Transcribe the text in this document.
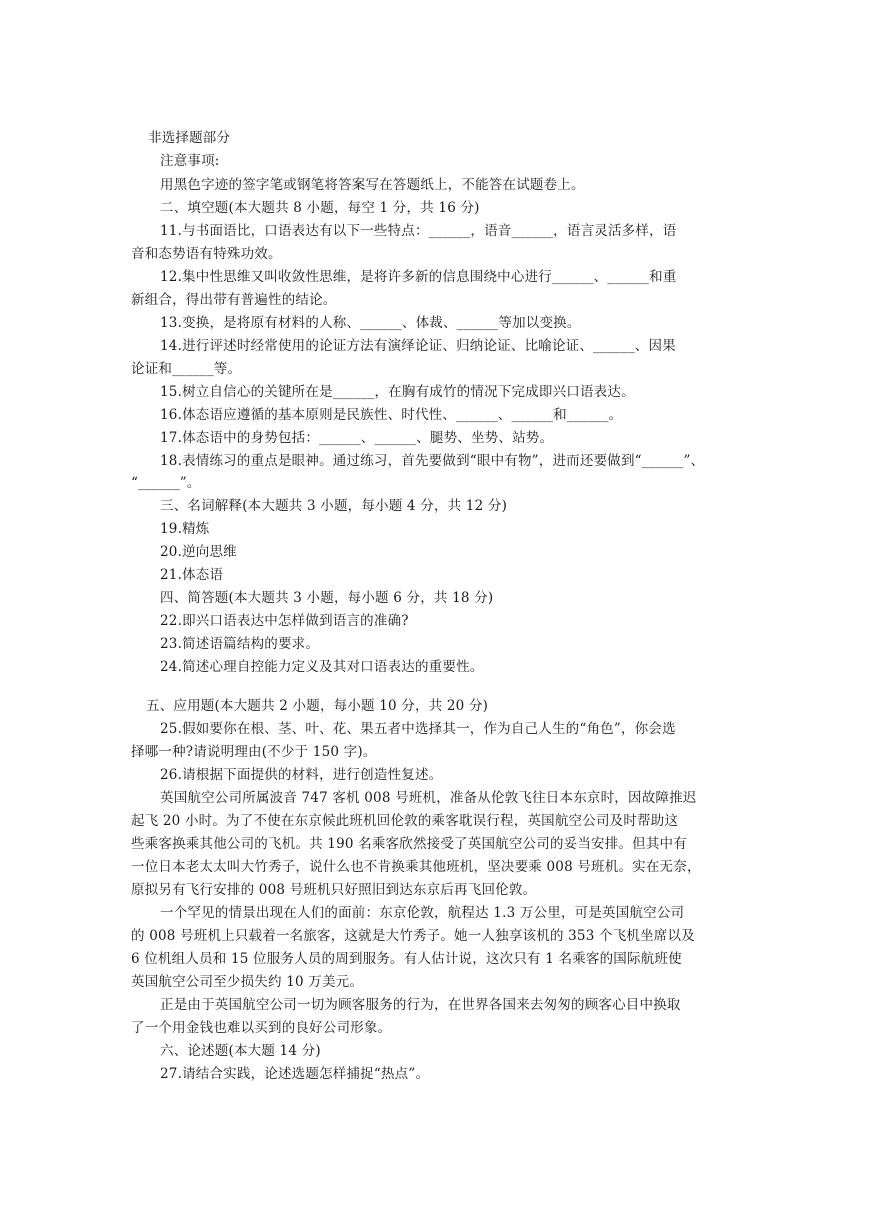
非选择题部分
注意事项:
用黑色字迹的签字笔或钢笔将答案写在答题纸上，不能答在试题卷上。
二、填空题(本大题共 8 小题，每空 1 分，共 16 分)
11.与书面语比，口语表达有以下一些特点：______，语音______，语言灵活多样，语
音和态势语有特殊功效。
12.集中性思维又叫收敛性思维，是将许多新的信息围绕中心进行______、______和重
新组合，得出带有普遍性的结论。
13.变换，是将原有材料的人称、______、体裁、______等加以变换。
14.进行评述时经常使用的论证方法有演绎论证、归纳论证、比喻论证、______、因果
论证和______等。
15.树立自信心的关键所在是______，在胸有成竹的情况下完成即兴口语表达。
16.体态语应遵循的基本原则是民族性、时代性、______、______和______。
17.体态语中的身势包括：______、______、腿势、坐势、站势。
18.表情练习的重点是眼神。通过练习，首先要做到“眼中有物”，进而还要做到“______”、
“______”。
三、名词解释(本大题共 3 小题，每小题 4 分，共 12 分)
19.精炼
20.逆向思维
21.体态语
四、简答题(本大题共 3 小题，每小题 6 分，共 18 分)
22.即兴口语表达中怎样做到语言的准确?
23.简述语篇结构的要求。
24.简述心理自控能力定义及其对口语表达的重要性。
五、应用题(本大题共 2 小题，每小题 10 分，共 20 分)
25.假如要你在根、茎、叶、花、果五者中选择其一，作为自己人生的“角色”，你会选
择哪一种?请说明理由(不少于 150 字)。
26.请根据下面提供的材料，进行创造性复述。
英国航空公司所属波音 747 客机 008 号班机，准备从伦敦飞往日本东京时，因故障推迟
起飞 20 小时。为了不使在东京候此班机回伦敦的乘客耽误行程，英国航空公司及时帮助这
些乘客换乘其他公司的飞机。共 190 名乘客欣然接受了英国航空公司的妥当安排。但其中有
一位日本老太太叫大竹秀子，说什么也不肯换乘其他班机，坚决要乘 008 号班机。实在无奈，
原拟另有飞行安排的 008 号班机只好照旧到达东京后再飞回伦敦。
一个罕见的情景出现在人们的面前：东京伦敦，航程达 1.3 万公里，可是英国航空公司
的 008 号班机上只载着一名旅客，这就是大竹秀子。她一人独享该机的 353 个飞机坐席以及
6 位机组人员和 15 位服务人员的周到服务。有人估计说，这次只有 1 名乘客的国际航班使
英国航空公司至少损失约 10 万美元。
正是由于英国航空公司一切为顾客服务的行为，在世界各国来去匆匆的顾客心目中换取
了一个用金钱也难以买到的良好公司形象。
六、论述题(本大题 14 分)
27.请结合实践，论述选题怎样捕捉“热点”。
